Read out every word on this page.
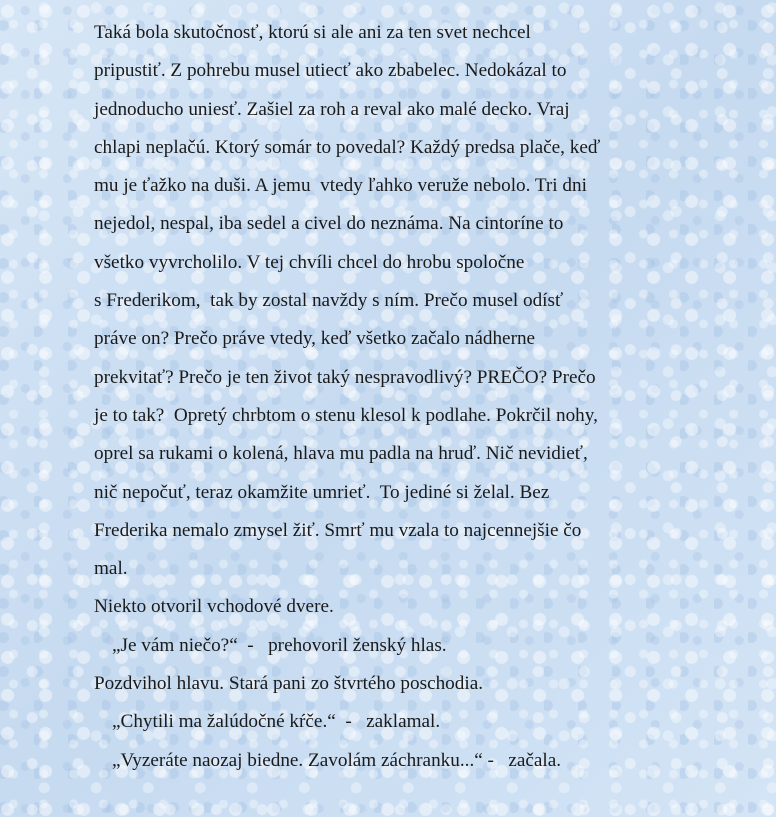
Taká bola skutočnosť, ktorú si ale ani za ten svet nechcel
pripustiť. Z pohrebu musel utiecť ako zbabelec. Nedokázal to
jednoducho uniesť. Zašiel za roh a reval ako malé decko. Vraj
chlapi neplačú. Ktorý somár to povedal? Každý predsa plače, keď
mu je ťažko na duši. A jemu  vtedy ľahko veruže nebolo. Tri dni
nejedol, nespal, iba sedel a civel do neznáma. Na cintoríne to
všetko vyvrcholilo. V tej chvíli chcel do hrobu spoločne
s Frederikom,  tak by zostal navždy s ním. Prečo musel odísť
práve on? Prečo práve vtedy, keď všetko začalo nádherne
prekvitať? Prečo je ten život taký nespravodlivý? PREČO? Prečo
je to tak?  Opretý chrbtom o stenu klesol k podlahe. Pokrčil nohy,
oprel sa rukami o kolená, hlava mu padla na hruď. Nič nevidieť,
nič nepočuť, teraz okamžite umrieť.  To jediné si želal. Bez
Frederika nemalo zmysel žiť. Smrť mu vzala to najcennejšie čo
mal.
Niekto otvoril vchodové dvere.
„Je vám niečo?“  -   prehovoril ženský hlas.
Pozdvihol hlavu. Stará pani zo štvrtého poschodia.
„Chytili ma žalúdočné kŕče.“  -   zaklamal.
„Vyzeráte naozaj biedne. Zavolám záchranku...“ -   začala.
